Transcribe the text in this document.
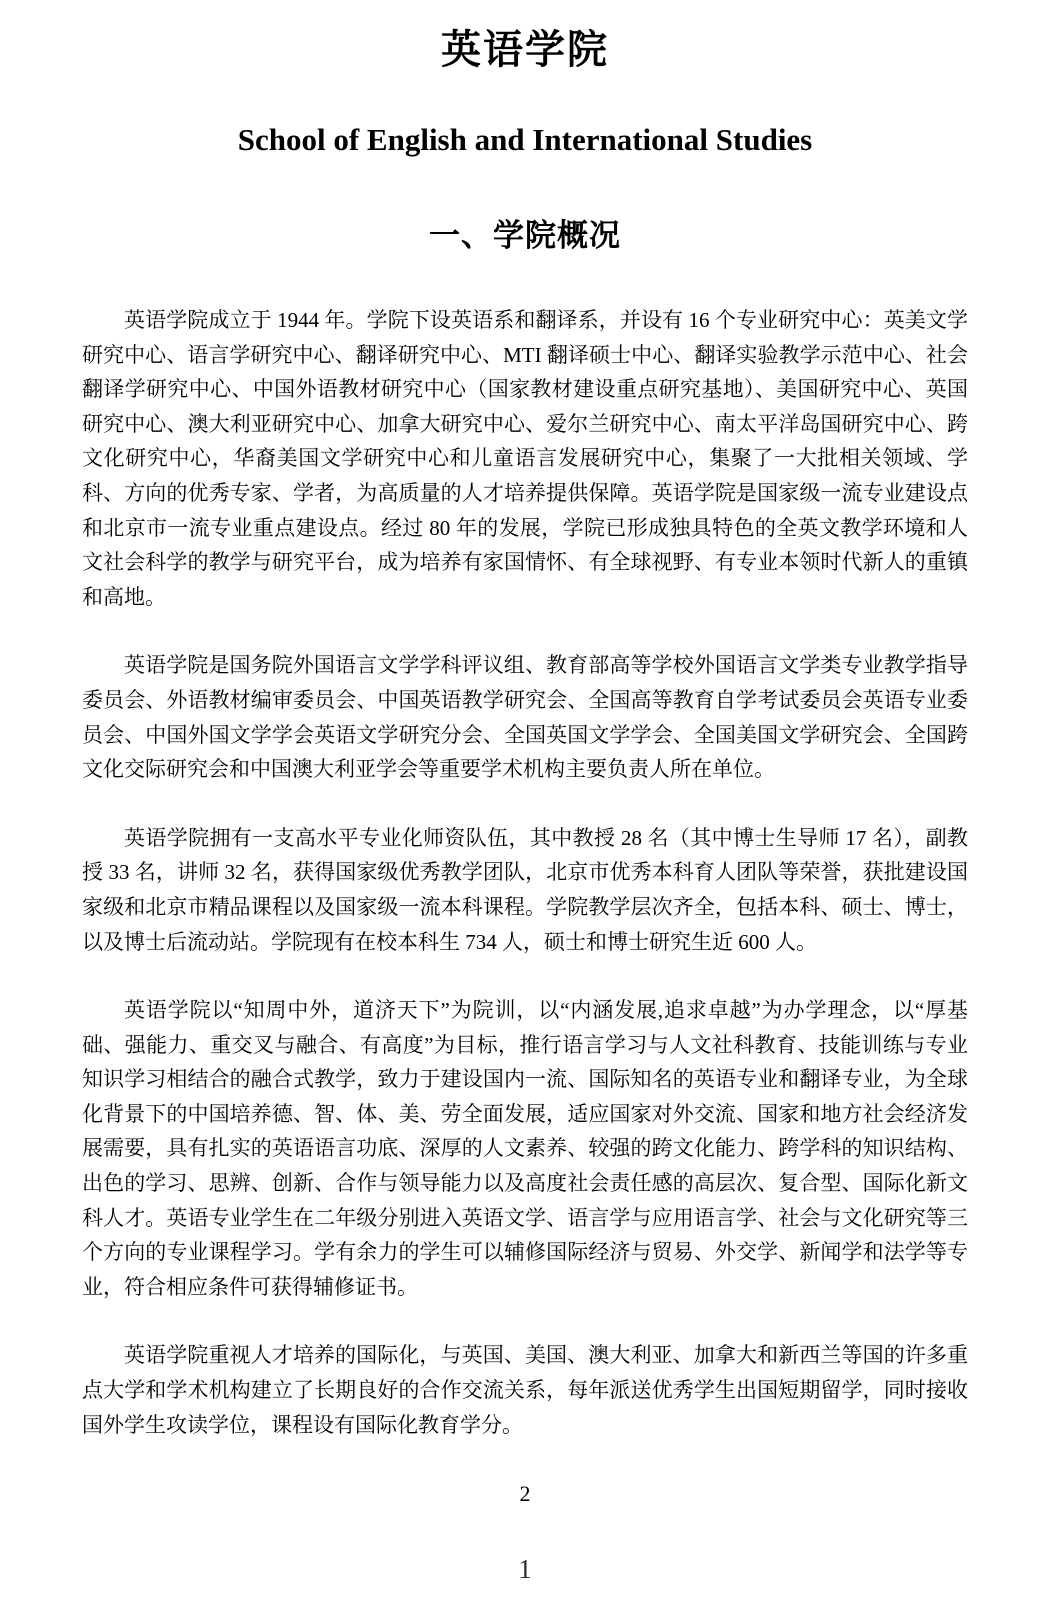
英语学院
School of English and International Studies
一、学院概况

英语学院成立于 1944 年。学院下设英语系和翻译系，并设有 16 个专业研究中心：英美文学研究中心、语言学研究中心、翻译研究中心、MTI 翻译硕士中心、翻译实验教学示范中心、社会翻译学研究中心、中国外语教材研究中心（国家教材建设重点研究基地）、美国研究中心、英国研究中心、澳大利亚研究中心、加拿大研究中心、爱尔兰研究中心、南太平洋岛国研究中心、跨文化研究中心，华裔美国文学研究中心和儿童语言发展研究中心，集聚了一大批相关领域、学科、方向的优秀专家、学者，为高质量的人才培养提供保障。英语学院是国家级一流专业建设点和北京市一流专业重点建设点。经过 80 年的发展，学院已形成独具特色的全英文教学环境和人文社会科学的教学与研究平台，成为培养有家国情怀、有全球视野、有专业本领时代新人的重镇和高地。

英语学院是国务院外国语言文学学科评议组、教育部高等学校外国语言文学类专业教学指导委员会、外语教材编审委员会、中国英语教学研究会、全国高等教育自学考试委员会英语专业委员会、中国外国文学学会英语文学研究分会、全国英国文学学会、全国美国文学研究会、全国跨文化交际研究会和中国澳大利亚学会等重要学术机构主要负责人所在单位。

英语学院拥有一支高水平专业化师资队伍，其中教授 28 名（其中博士生导师 17 名），副教授 33 名，讲师 32 名，获得国家级优秀教学团队，北京市优秀本科育人团队等荣誉，获批建设国家级和北京市精品课程以及国家级一流本科课程。学院教学层次齐全，包括本科、硕士、博士，以及博士后流动站。学院现有在校本科生 734 人，硕士和博士研究生近 600 人。

英语学院以“知周中外，道济天下”为院训，以“内涵发展,追求卓越”为办学理念，以“厚基础、强能力、重交叉与融合、有高度”为目标，推行语言学习与人文社科教育、技能训练与专业知识学习相结合的融合式教学，致力于建设国内一流、国际知名的英语专业和翻译专业，为全球化背景下的中国培养德、智、体、美、劳全面发展，适应国家对外交流、国家和地方社会经济发展需要，具有扎实的英语语言功底、深厚的人文素养、较强的跨文化能力、跨学科的知识结构、出色的学习、思辨、创新、合作与领导能力以及高度社会责任感的高层次、复合型、国际化新文科人才。英语专业学生在二年级分别进入英语文学、语言学与应用语言学、社会与文化研究等三个方向的专业课程学习。学有余力的学生可以辅修国际经济与贸易、外交学、新闻学和法学等专业，符合相应条件可获得辅修证书。

英语学院重视人才培养的国际化，与英国、美国、澳大利亚、加拿大和新西兰等国的许多重点大学和学术机构建立了长期良好的合作交流关系，每年派送优秀学生出国短期留学，同时接收国外学生攻读学位，课程设有国际化教育学分。

2
1
